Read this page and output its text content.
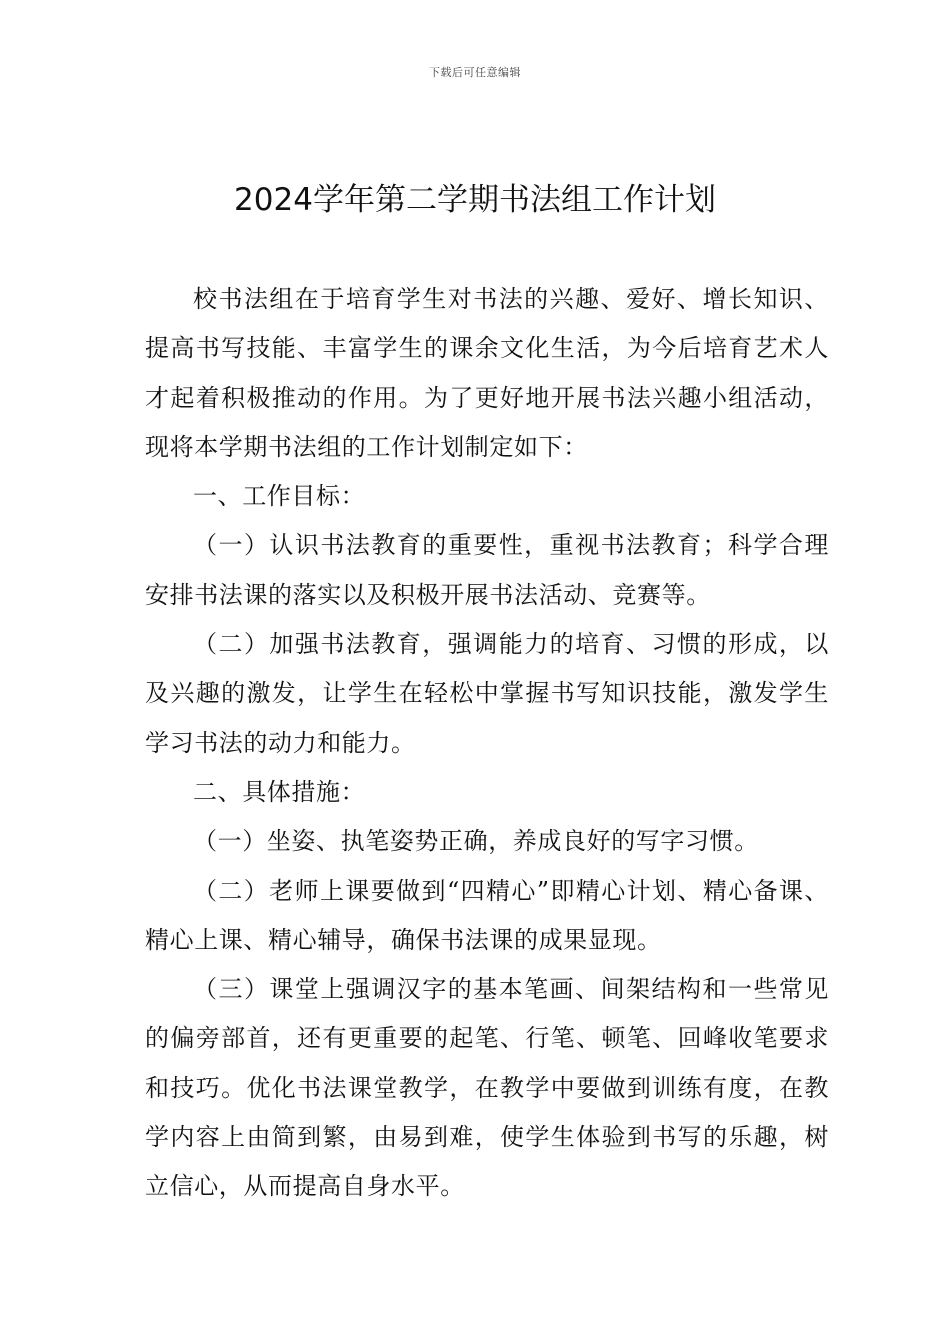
下载后可任意编辑
2024学年第二学期书法组工作计划

校书法组在于培育学生对书法的兴趣、爱好、增长知识、提高书写技能、丰富学生的课余文化生活，为今后培育艺术人才起着积极推动的作用。为了更好地开展书法兴趣小组活动，现将本学期书法组的工作计划制定如下：

一、工作目标：

（一）认识书法教育的重要性，重视书法教育；科学合理安排书法课的落实以及积极开展书法活动、竞赛等。

（二）加强书法教育，强调能力的培育、习惯的形成，以及兴趣的激发，让学生在轻松中掌握书写知识技能，激发学生学习书法的动力和能力。

二、具体措施：

（一）坐姿、执笔姿势正确，养成良好的写字习惯。

（二）老师上课要做到“四精心”即精心计划、精心备课、精心上课、精心辅导，确保书法课的成果显现。

（三）课堂上强调汉字的基本笔画、间架结构和一些常见的偏旁部首，还有更重要的起笔、行笔、顿笔、回峰收笔要求和技巧。优化书法课堂教学，在教学中要做到训练有度，在教学内容上由简到繁，由易到难，使学生体验到书写的乐趣，树立信心，从而提高自身水平。
